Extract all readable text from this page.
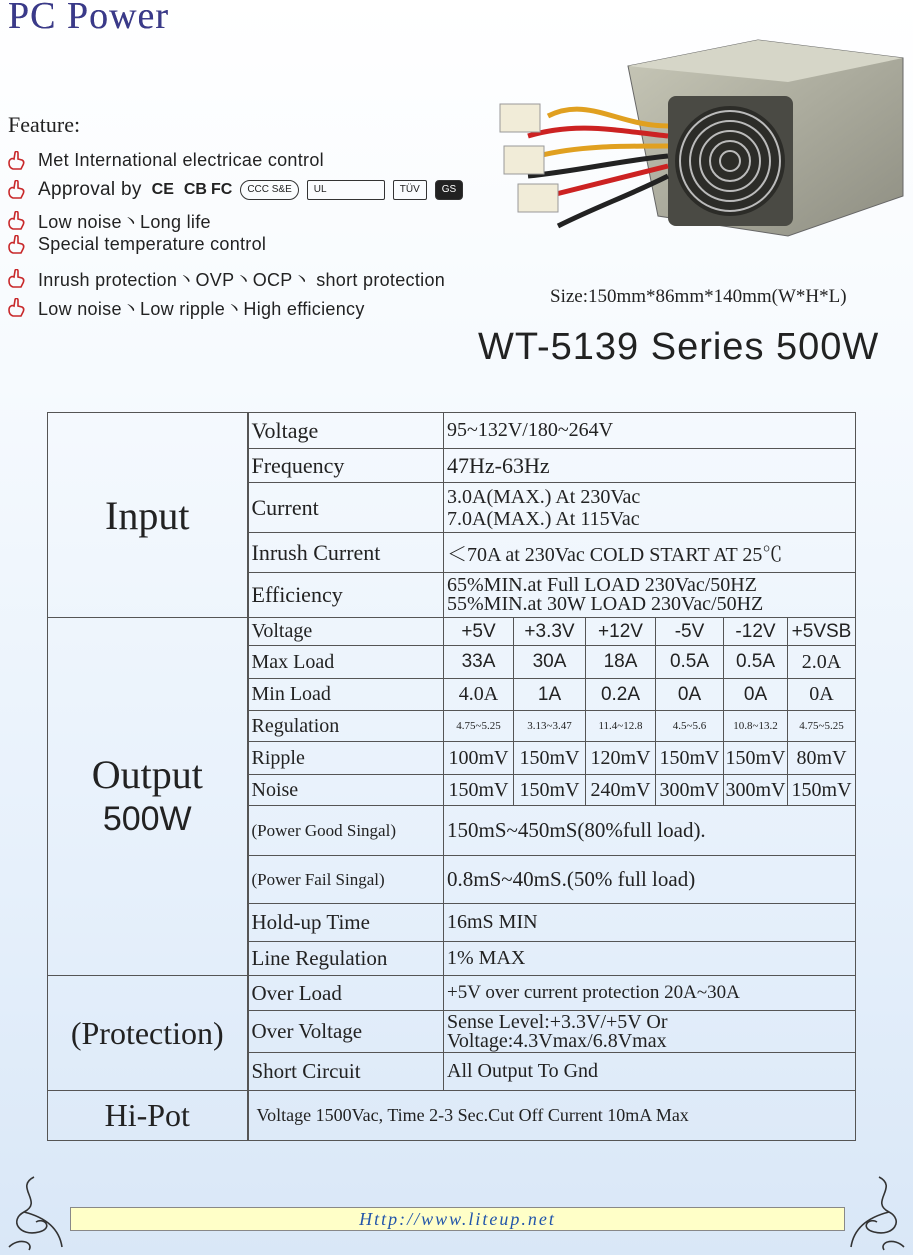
PC Power
Feature:
Met International electricae control
Approval by CE CB FC	CCC S&E	UL	TÜV	GS
Low noise丶Long life
Special temperature control
Inrush protection丶OVP丶OCP丶 short protection
Low noise丶Low ripple丶High efficiency
Size:150mm*86mm*140mm(W*H*L)
WT-5139 Series 500W
Input	Voltage	95~132V/180~264V					
	Frequency	47Hz-63Hz					
	Current	3.0A(MAX.) At 230Vac
7.0A(MAX.) At 115Vac					

	Inrush Current	＜70A at 230Vac COLD START AT 25℃					
	Efficiency	65%MIN.at Full LOAD 230Vac/50HZ
55%MIN.at 30W LOAD 230Vac/50HZ					

Output
500W	Voltage	+5V	+3.3V	+12V	-5V	-12V	+5VSB
	Max Load	33A	30A	18A	0.5A	0.5A	2.0A
	Min Load	4.0A	1A	0.2A	0A	0A	0A
	Regulation	4.75~5.25	3.13~3.47	11.4~12.8	4.5~5.6	10.8~13.2	4.75~5.25
	Ripple	100mV	150mV	120mV	150mV	150mV	80mV
	Noise	150mV	150mV	240mV	300mV	300mV	150mV
	(Power Good Singal)	150mS~450mS(80%full load).					
	(Power Fail Singal)	0.8mS~40mS.(50% full load)					
	Hold-up Time	16mS MIN					
	Line Regulation	1% MAX					
(Protection)	Over Load	+5V over current protection 20A~30A					
	Over Voltage	Sense Level:+3.3V/+5V Or
Voltage:4.3Vmax/6.8Vmax					

	Short Circuit	All Output To Gnd					
Hi-Pot	Voltage 1500Vac, Time 2-3 Sec.Cut Off Current 10mA Max						
Http://www.liteup.net
